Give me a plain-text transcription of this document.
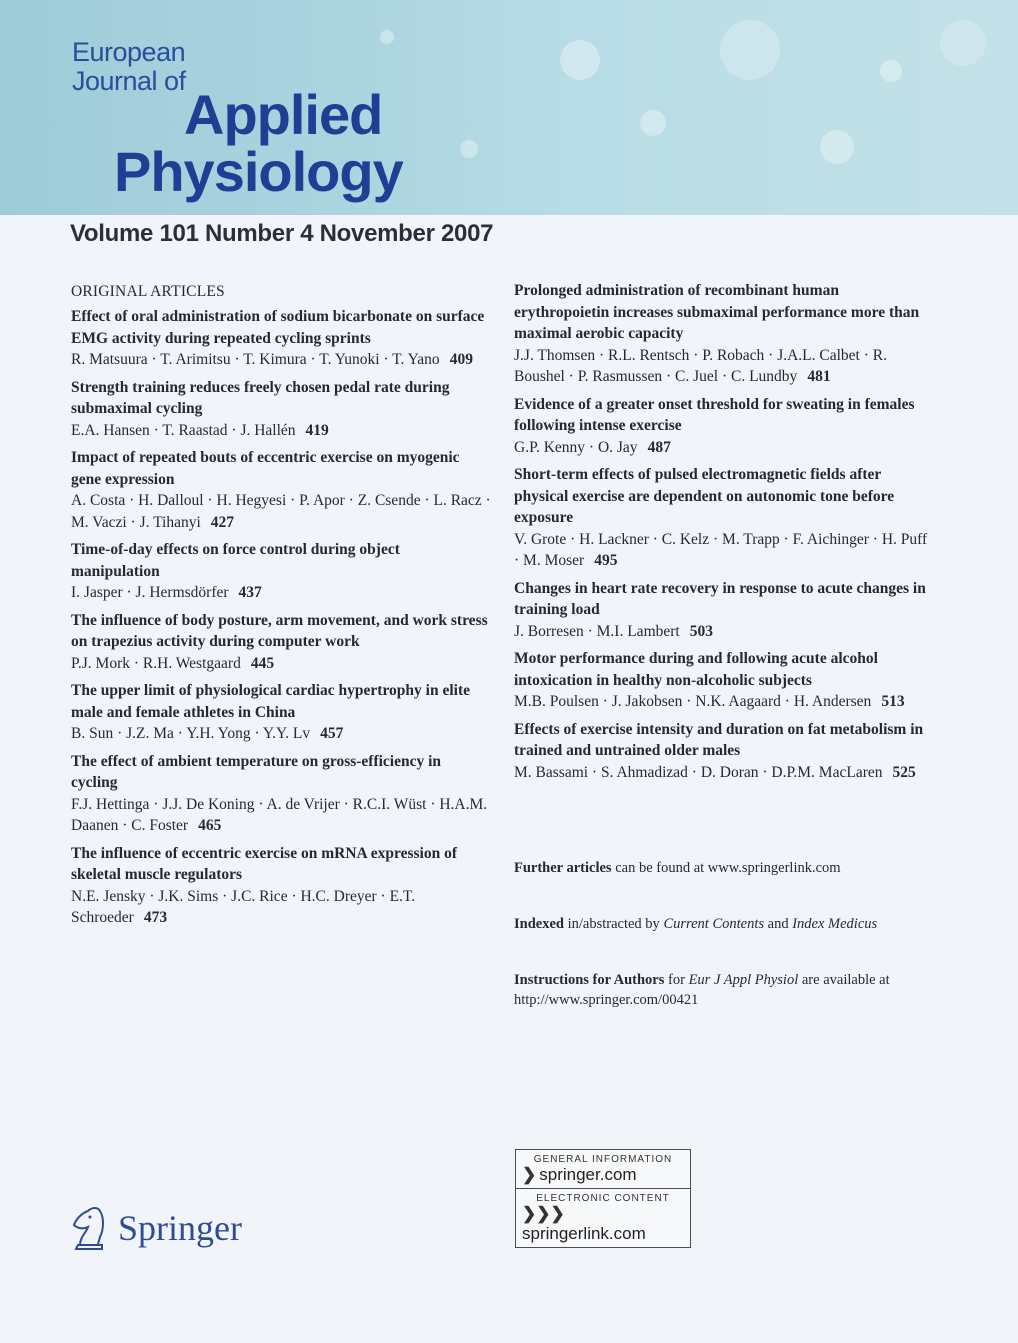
European
Journal of
Applied
Physiology
Volume 101 Number 4 November 2007
ORIGINAL ARTICLES
Effect of oral administration of sodium bicarbonate on surface EMG activity during repeated cycling sprints
R. Matsuura · T. Arimitsu · T. Kimura · T. Yunoki · T. Yano 409
Strength training reduces freely chosen pedal rate during submaximal cycling
E.A. Hansen · T. Raastad · J. Hallén 419
Impact of repeated bouts of eccentric exercise on myogenic gene expression
A. Costa · H. Dalloul · H. Hegyesi · P. Apor · Z. Csende · L. Racz · M. Vaczi · J. Tihanyi 427
Time-of-day effects on force control during object manipulation
I. Jasper · J. Hermsdörfer 437
The influence of body posture, arm movement, and work stress on trapezius activity during computer work
P.J. Mork · R.H. Westgaard 445
The upper limit of physiological cardiac hypertrophy in elite male and female athletes in China
B. Sun · J.Z. Ma · Y.H. Yong · Y.Y. Lv 457
The effect of ambient temperature on gross-efficiency in cycling
F.J. Hettinga · J.J. De Koning · A. de Vrijer · R.C.I. Wüst · H.A.M. Daanen · C. Foster 465
The influence of eccentric exercise on mRNA expression of skeletal muscle regulators
N.E. Jensky · J.K. Sims · J.C. Rice · H.C. Dreyer · E.T. Schroeder 473
Prolonged administration of recombinant human erythropoietin increases submaximal performance more than maximal aerobic capacity
J.J. Thomsen · R.L. Rentsch · P. Robach · J.A.L. Calbet · R. Boushel · P. Rasmussen · C. Juel · C. Lundby 481
Evidence of a greater onset threshold for sweating in females following intense exercise
G.P. Kenny · O. Jay 487
Short-term effects of pulsed electromagnetic fields after physical exercise are dependent on autonomic tone before exposure
V. Grote · H. Lackner · C. Kelz · M. Trapp · F. Aichinger · H. Puff · M. Moser 495
Changes in heart rate recovery in response to acute changes in training load
J. Borresen · M.I. Lambert 503
Motor performance during and following acute alcohol intoxication in healthy non-alcoholic subjects
M.B. Poulsen · J. Jakobsen · N.K. Aagaard · H. Andersen 513
Effects of exercise intensity and duration on fat metabolism in trained and untrained older males
M. Bassami · S. Ahmadizad · D. Doran · D.P.M. MacLaren 525
Further articles can be found at www.springerlink.com
Indexed in/abstracted by Current Contents and Index Medicus
Instructions for Authors for Eur J Appl Physiol are available at http://www.springer.com/00421
GENERAL INFORMATION
❯ springer.com
ELECTRONIC CONTENT
❯❯❯springerlink.com
Springer
